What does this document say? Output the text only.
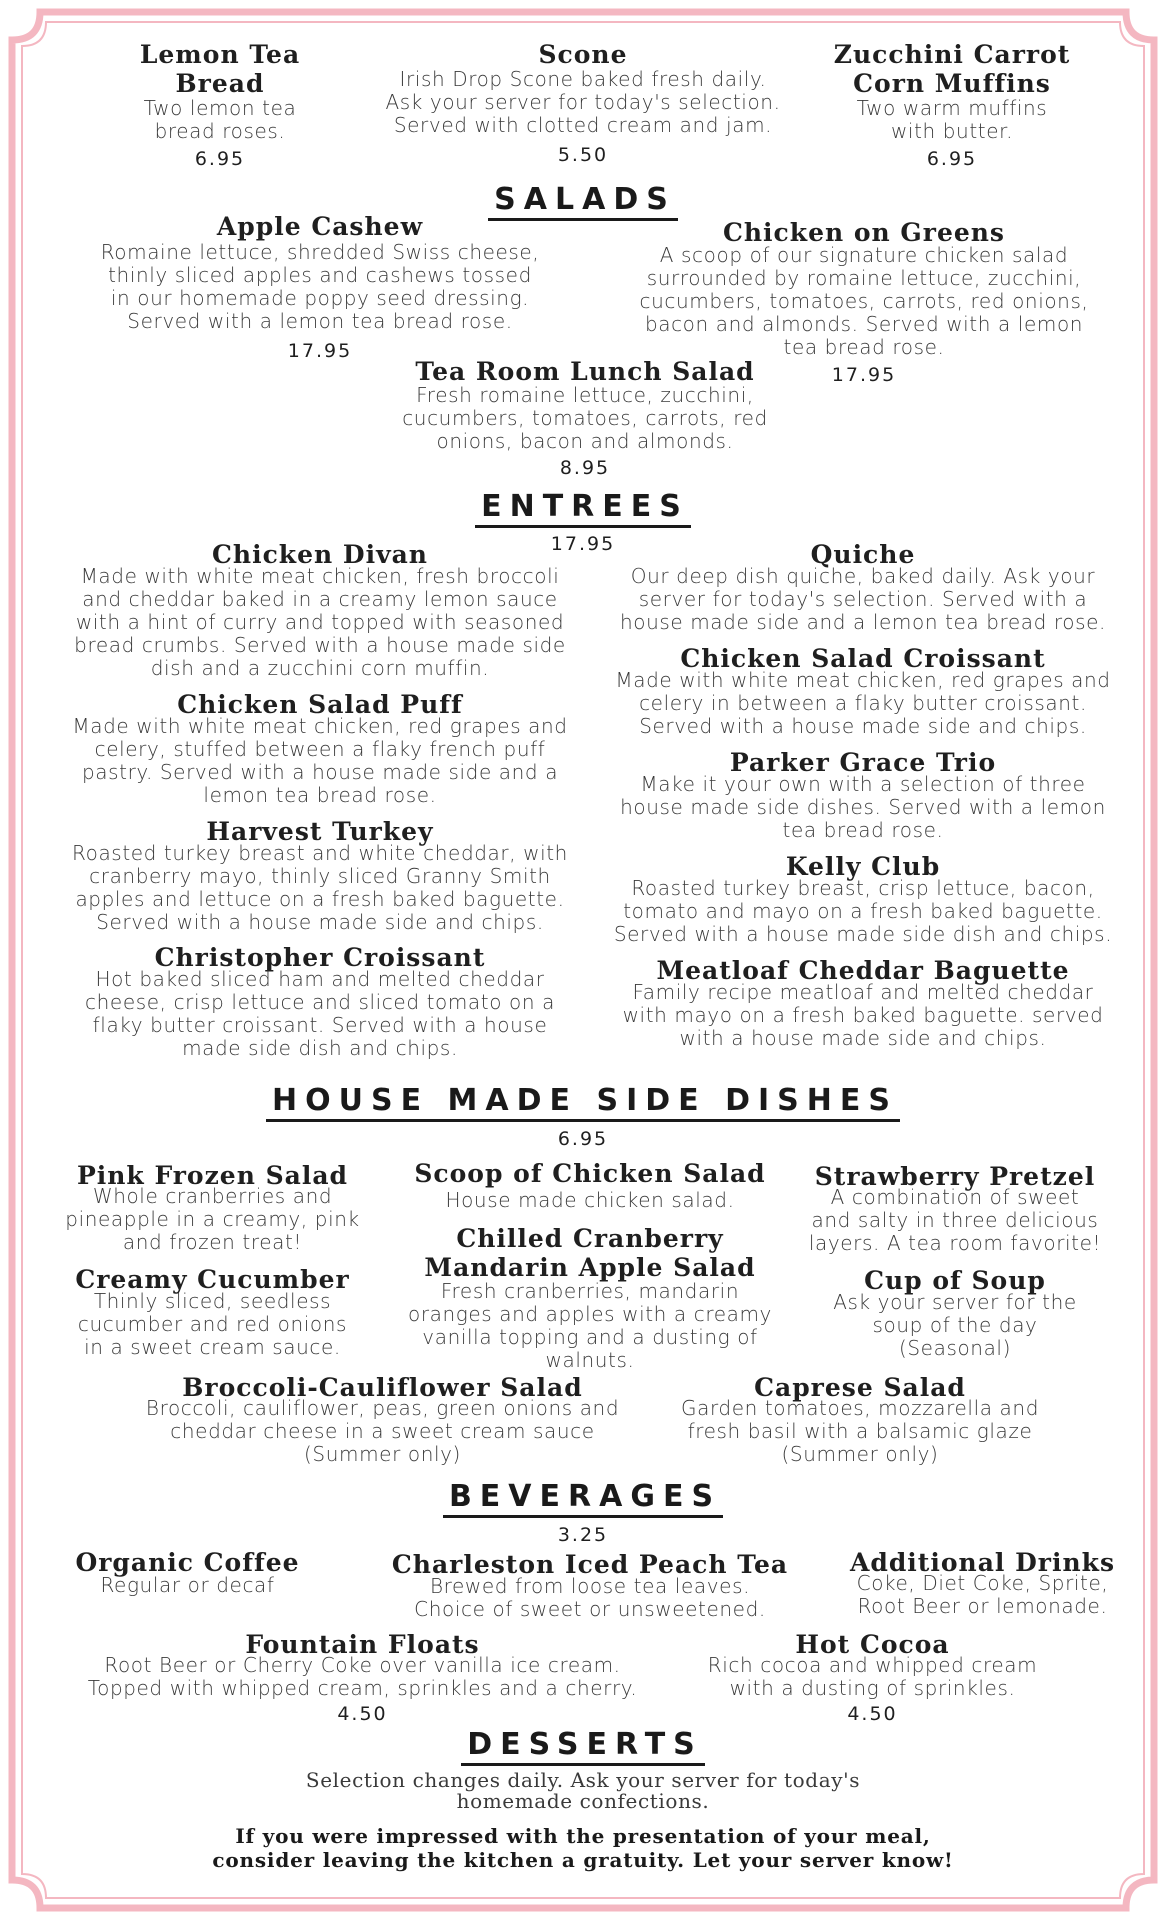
Lemon Tea
Bread
Two lemon tea
bread roses.
6.95
Scone
Irish Drop Scone baked fresh daily.
Ask your server for today's selection.
Served with clotted cream and jam.
5.50
Zucchini Carrot
Corn Muffins
Two warm muffins
with butter.
6.95
SALADS
Apple Cashew
Romaine lettuce, shredded Swiss cheese,
thinly sliced apples and cashews tossed
in our homemade poppy seed dressing.
Served with a lemon tea bread rose.
17.95
Chicken on Greens
A scoop of our signature chicken salad
surrounded by romaine lettuce, zucchini,
cucumbers, tomatoes, carrots, red onions,
bacon and almonds. Served with a lemon
tea bread rose.
17.95
Tea Room Lunch Salad
Fresh romaine lettuce, zucchini,
cucumbers, tomatoes, carrots, red
onions, bacon and almonds.
8.95
ENTREES
17.95
Chicken Divan
Made with white meat chicken, fresh broccoli
and cheddar baked in a creamy lemon sauce
with a hint of curry and topped with seasoned
bread crumbs. Served with a house made side
dish and a zucchini corn muffin.
Chicken Salad Puff
Made with white meat chicken, red grapes and
celery, stuffed between a flaky french puff
pastry. Served with a house made side and a
lemon tea bread rose.
Harvest Turkey
Roasted turkey breast and white cheddar, with
cranberry mayo, thinly sliced Granny Smith
apples and lettuce on a fresh baked baguette.
Served with a house made side and chips.
Christopher Croissant
Hot baked sliced ham and melted cheddar
cheese, crisp lettuce and sliced tomato on a
flaky butter croissant. Served with a house
made side dish and chips.
Quiche
Our deep dish quiche, baked daily. Ask your
server for today's selection. Served with a
house made side and a lemon tea bread rose.
Chicken Salad Croissant
Made with white meat chicken, red grapes and
celery in between a flaky butter croissant.
Served with a house made side and chips.
Parker Grace Trio
Make it your own with a selection of three
house made side dishes. Served with a lemon
tea bread rose.
Kelly Club
Roasted turkey breast, crisp lettuce, bacon,
tomato and mayo on a fresh baked baguette.
Served with a house made side dish and chips.
Meatloaf Cheddar Baguette
Family recipe meatloaf and melted cheddar
with mayo on a fresh baked baguette. served
with a house made side and chips.
HOUSE MADE SIDE DISHES
6.95
Pink Frozen Salad
Whole cranberries and
pineapple in a creamy, pink
and frozen treat!
Creamy Cucumber
Thinly sliced, seedless
cucumber and red onions
in a sweet cream sauce.
Scoop of Chicken Salad
House made chicken salad.
Chilled Cranberry
Mandarin Apple Salad
Fresh cranberries, mandarin
oranges and apples with a creamy
vanilla topping and a dusting of
walnuts.
Strawberry Pretzel
A combination of sweet
and salty in three delicious
layers. A tea room favorite!
Cup of Soup
Ask your server for the
soup of the day
(Seasonal)
Broccoli-Cauliflower Salad
Broccoli, cauliflower, peas, green onions and
cheddar cheese in a sweet cream sauce
(Summer only)
Caprese Salad
Garden tomatoes, mozzarella and
fresh basil with a balsamic glaze
(Summer only)
BEVERAGES
3.25
Organic Coffee
Regular or decaf
Charleston Iced Peach Tea
Brewed from loose tea leaves.
Choice of sweet or unsweetened.
Additional Drinks
Coke, Diet Coke, Sprite,
Root Beer or lemonade.
Fountain Floats
Root Beer or Cherry Coke over vanilla ice cream.
Topped with whipped cream, sprinkles and a cherry.
4.50
Hot Cocoa
Rich cocoa and whipped cream
with a dusting of sprinkles.
4.50
DESSERTS
Selection changes daily. Ask your server for today's
homemade confections.
If you were impressed with the presentation of your meal,
consider leaving the kitchen a gratuity. Let your server know!
